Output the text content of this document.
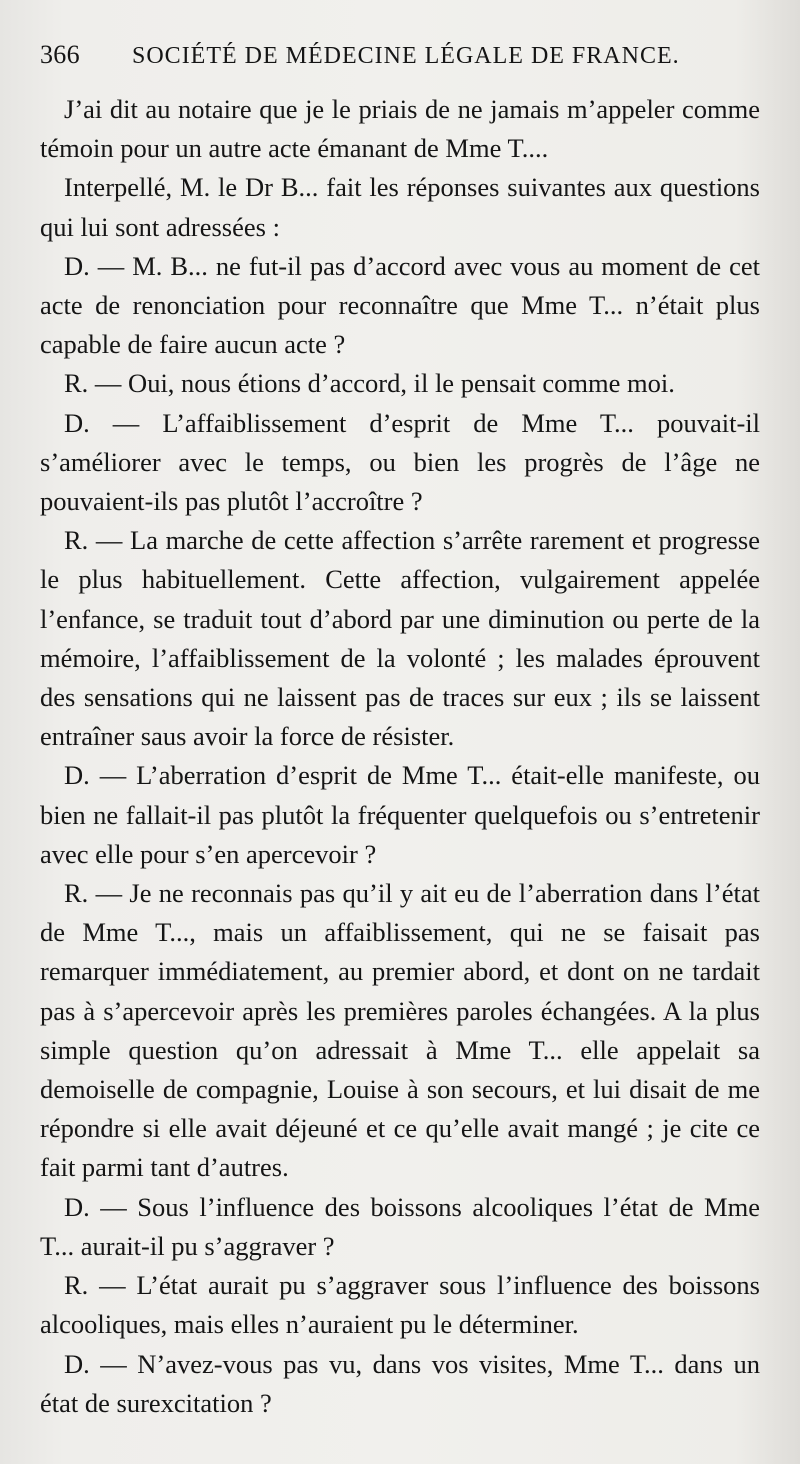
366	SOCIÉTÉ DE MÉDECINE LÉGALE DE FRANCE.

J’ai dit au notaire que je le priais de ne jamais m’appeler comme témoin pour un autre acte émanant de Mme T....

Interpellé, M. le Dr B... fait les réponses suivantes aux questions qui lui sont adressées :

D. — M. B... ne fut-il pas d’accord avec vous au moment de cet acte de renonciation pour reconnaître que Mme T... n’était plus capable de faire aucun acte ?

R. — Oui, nous étions d’accord, il le pensait comme moi.

D. — L’affaiblissement d’esprit de Mme T... pouvait-il s’améliorer avec le temps, ou bien les progrès de l’âge ne pouvaient-ils pas plutôt l’accroître ?

R. — La marche de cette affection s’arrête rarement et progresse le plus habituellement. Cette affection, vulgairement appelée l’enfance, se traduit tout d’abord par une diminution ou perte de la mémoire, l’affaiblissement de la volonté ; les malades éprouvent des sensations qui ne laissent pas de traces sur eux ; ils se laissent entraîner saus avoir la force de résister.

D. — L’aberration d’esprit de Mme T... était-elle manifeste, ou bien ne fallait-il pas plutôt la fréquenter quelquefois ou s’entretenir avec elle pour s’en apercevoir ?

R. — Je ne reconnais pas qu’il y ait eu de l’aberration dans l’état de Mme T..., mais un affaiblissement, qui ne se faisait pas remarquer immédiatement, au premier abord, et dont on ne tardait pas à s’apercevoir après les premières paroles échangées. A la plus simple question qu’on adressait à Mme T... elle appelait sa demoiselle de compagnie, Louise à son secours, et lui disait de me répondre si elle avait déjeuné et ce qu’elle avait mangé ; je cite ce fait parmi tant d’autres.

D. — Sous l’influence des boissons alcooliques l’état de Mme T... aurait-il pu s’aggraver ?

R. — L’état aurait pu s’aggraver sous l’influence des boissons alcooliques, mais elles n’auraient pu le déterminer.

D. — N’avez-vous pas vu, dans vos visites, Mme T... dans un état de surexcitation ?
